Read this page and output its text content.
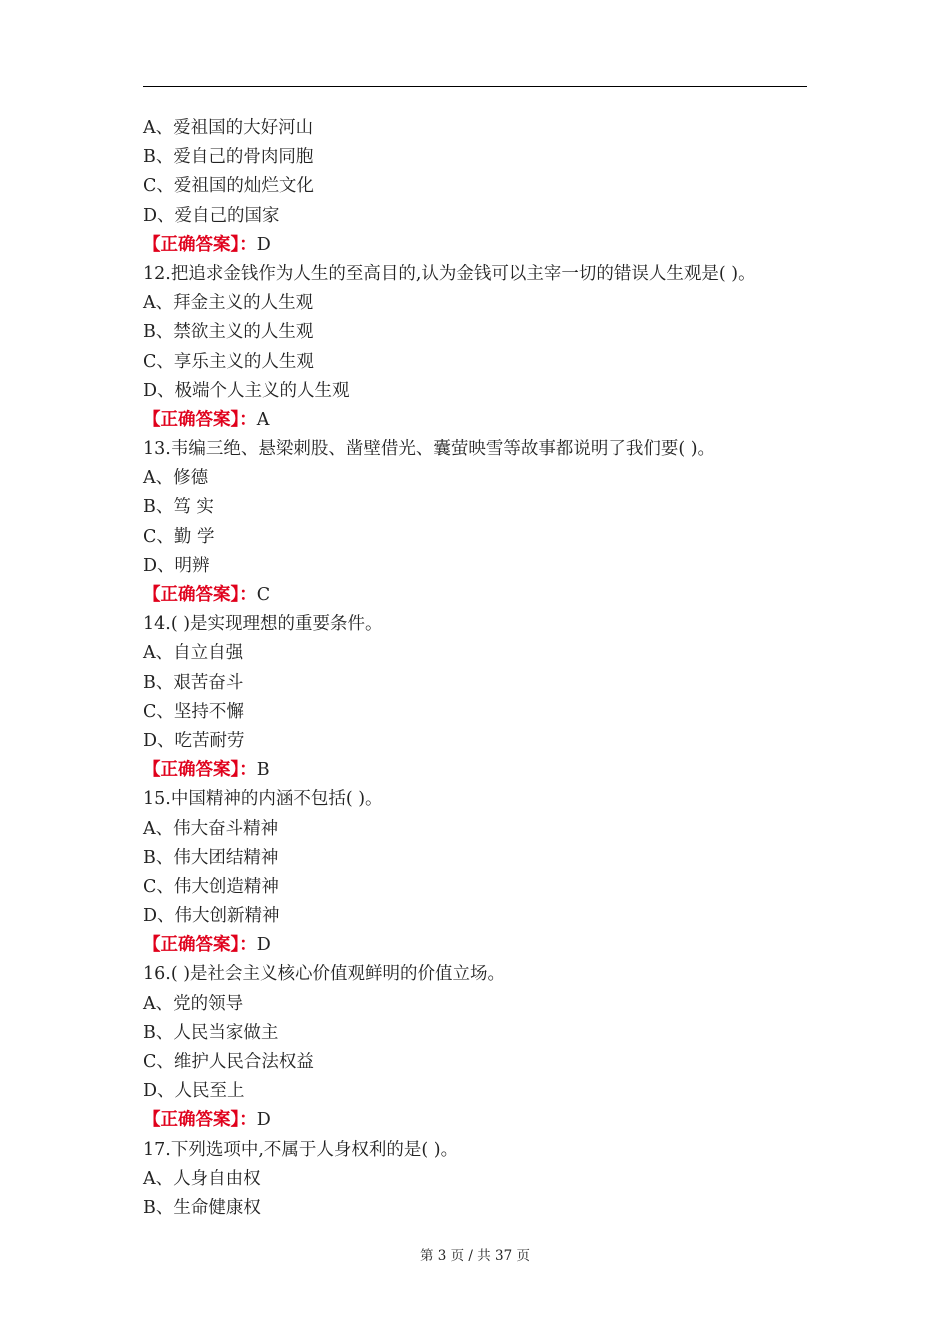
A、爱祖国的大好河山
B、爱自己的骨肉同胞
C、爱祖国的灿烂文化
D、爱自己的国家
【正确答案】：D
12.把追求金钱作为人生的至高目的,认为金钱可以主宰一切的错误人生观是( )。
A、拜金主义的人生观
B、禁欲主义的人生观
C、享乐主义的人生观
D、极端个人主义的人生观
【正确答案】：A
13.韦编三绝、悬梁刺股、凿壁借光、囊萤映雪等故事都说明了我们要( )。
A、修德
B、笃 实
C、勤 学
D、明辨
【正确答案】：C
14.( )是实现理想的重要条件。
A、自立自强
B、艰苦奋斗
C、坚持不懈
D、吃苦耐劳
【正确答案】：B
15.中国精神的内涵不包括( )。
A、伟大奋斗精神
B、伟大团结精神
C、伟大创造精神
D、伟大创新精神
【正确答案】：D
16.( )是社会主义核心价值观鲜明的价值立场。
A、党的领导
B、人民当家做主
C、维护人民合法权益
D、人民至上
【正确答案】：D
17.下列选项中,不属于人身权利的是( )。
A、人身自由权
B、生命健康权
第 3 页 / 共 37 页
